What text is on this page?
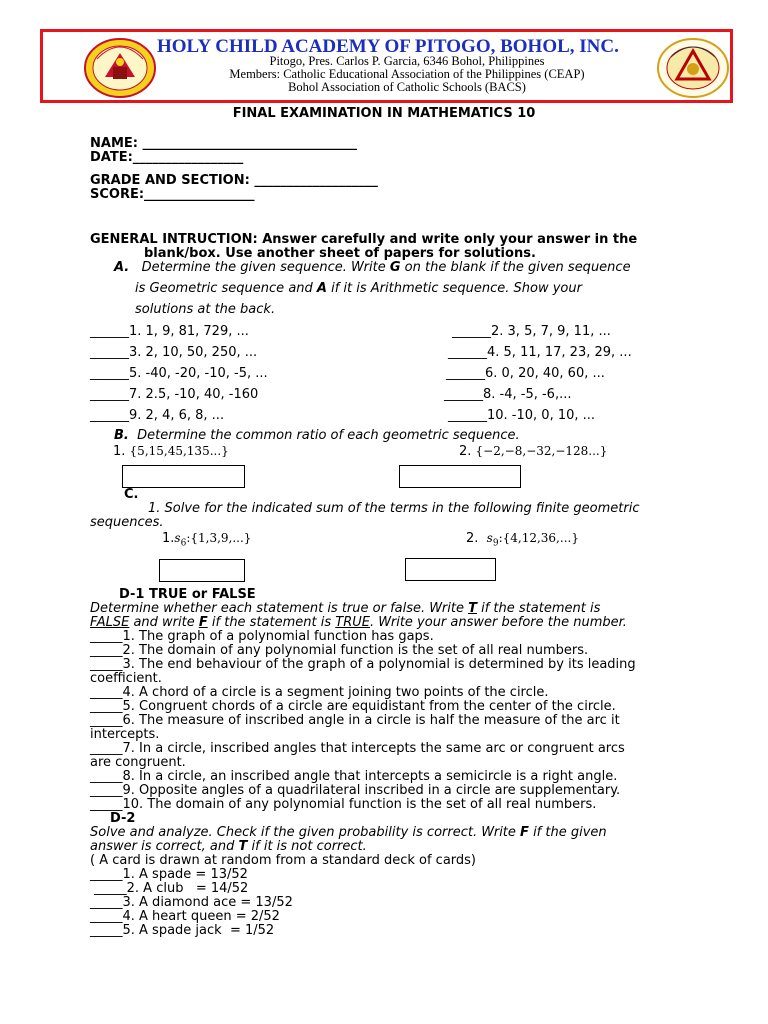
HOLY CHILD ACADEMY OF PITOGO, BOHOL, INC.
Pitogo, Pres. Carlos P. Garcia, 6346 Bohol, Philippines
Members: Catholic Educational Association of the Philippines (CEAP)
Bohol Association of Catholic Schools (BACS)
FINAL EXAMINATION IN MATHEMATICS 10
NAME: _________________________________
DATE:_________________
GRADE AND SECTION: ___________________
SCORE:_________________
GENERAL INTRUCTION: Answer carefully and write only your answer in the
blank/box. Use another sheet of papers for solutions.
A. Determine the given sequence. Write G on the blank if the given sequence
is Geometric sequence and A if it is Arithmetic sequence. Show your
solutions at the back.
______1. 1, 9, 81, 729, ...	______2. 3, 5, 7, 9, 11, ...
______3. 2, 10, 50, 250, ...	______4. 5, 11, 17, 23, 29, ...
______5. -40, -20, -10, -5, ...	______6. 0, 20, 40, 60, ...
______7. 2.5, -10, 40, -160	______8. -4, -5, -6,...
______9. 2, 4, 6, 8, ...	______10. -10, 0, 10, ...
B. Determine the common ratio of each geometric sequence.
1. {5,15,45,135...}	2. {−2,−8,−32,−128...}
C.
1. Solve for the indicated sum of the terms in the following finite geometric
sequences.
$1.s_6:\{1,3,9,...\}$	2. $s_9:\{4,12,36,...\}$
D-1 TRUE or FALSE
Determine whether each statement is true or false. Write T if the statement is
FALSE and write F if the statement is TRUE. Write your answer before the number.
_____1. The graph of a polynomial function has gaps.
_____2. The domain of any polynomial function is the set of all real numbers.
_____3. The end behaviour of the graph of a polynomial is determined by its leading
coefficient.
_____4. A chord of a circle is a segment joining two points of the circle.
_____5. Congruent chords of a circle are equidistant from the center of the circle.
_____6. The measure of inscribed angle in a circle is half the measure of the arc it
intercepts.
_____7. In a circle, inscribed angles that intercepts the same arc or congruent arcs
are congruent.
_____8. In a circle, an inscribed angle that intercepts a semicircle is a right angle.
_____9. Opposite angles of a quadrilateral inscribed in a circle are supplementary.
_____10. The domain of any polynomial function is the set of all real numbers.
D-2
Solve and analyze. Check if the given probability is correct. Write F if the given
answer is correct, and T if it is not correct.
( A card is drawn at random from a standard deck of cards)
_____1. A spade = 13/52
_____2. A club   = 14/52
_____3. A diamond ace = 13/52
_____4. A heart queen = 2/52
_____5. A spade jack  = 1/52
